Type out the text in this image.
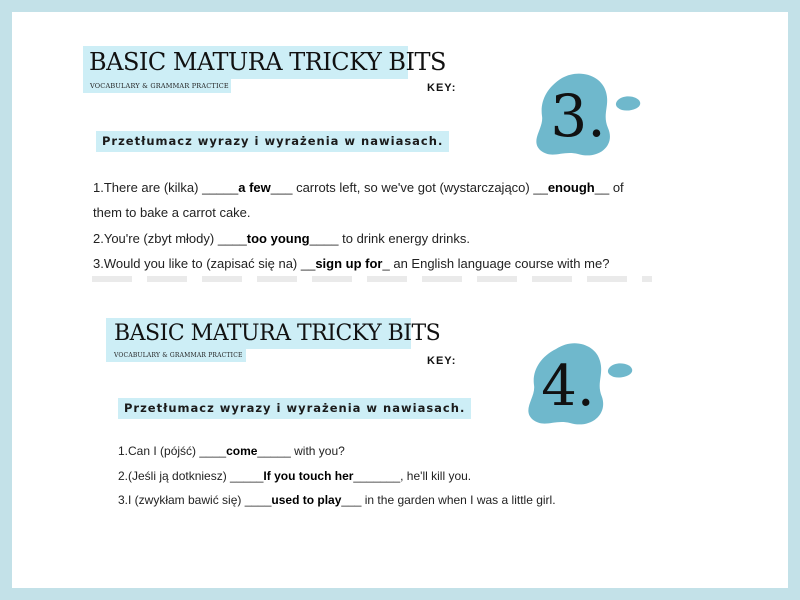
BASIC MATURA TRICKY BITS
VOCABULARY & GRAMMAR PRACTICE	KEY: 3.
Przetłumacz wyrazy i wyrażenia w nawiasach.
1.There are (kilka) _____a few___ carrots left, so we've got (wystarczająco) __enough__ of
them to bake a carrot cake.
2.You're (zbyt młody) ____too young____ to drink energy drinks.
3.Would you like to (zapisać się na) __sign up for_ an English language course with me?
BASIC MATURA TRICKY BITS
VOCABULARY & GRAMMAR PRACTICE	KEY: 4.
Przetłumacz wyrazy i wyrażenia w nawiasach.
1.Can I (pójść) ____come_____ with you?
2.(Jeśli ją dotkniesz) _____If you touch her_______, he'll kill you.
3.I (zwykłam bawić się) ____used to play___ in the garden when I was a little girl.
